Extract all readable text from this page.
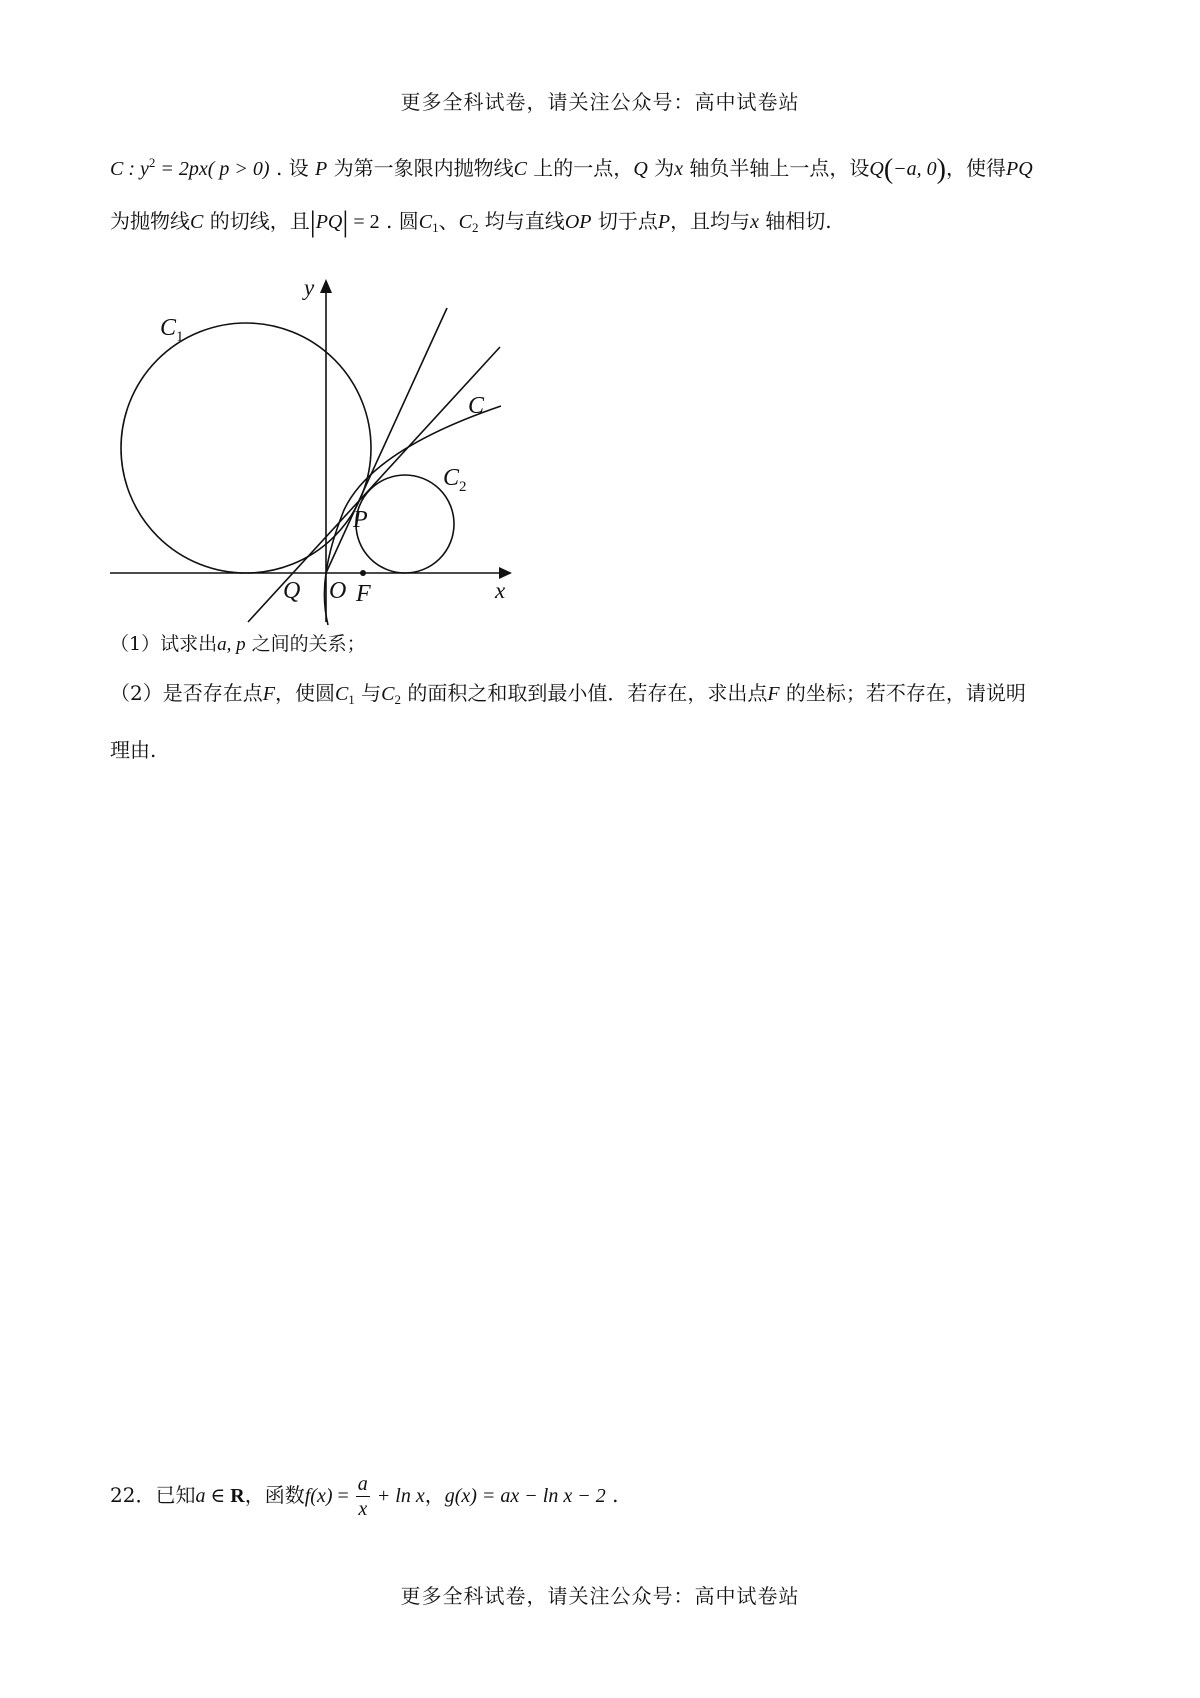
更多全科试卷，请关注公众号：高中试卷站
C : $y^2 = 2px$( p > 0) . 设 P 为第一象限内抛物线C 上的一点，Q 为x 轴负半轴上一点，设Q(−a, 0)，使得PQ
为抛物线C 的切线，且|PQ| = 2 . 圆$C_1$、$C_2$ 均与直线OP 切于点P，且均与x 轴相切.
y
x
$C_1$
$C_2$
C
P
Q O F
（1）试求出a, p 之间的关系；
（2）是否存在点F，使圆$C_1$ 与$C_2$ 的面积之和取到最小值．若存在，求出点F 的坐标；若不存在，请说明
理由.
22．已知a ∈ R，函数$f(x) = \frac{a}{x} + \ln x$，g(x) = ax − ln x − 2 .
更多全科试卷，请关注公众号：高中试卷站
